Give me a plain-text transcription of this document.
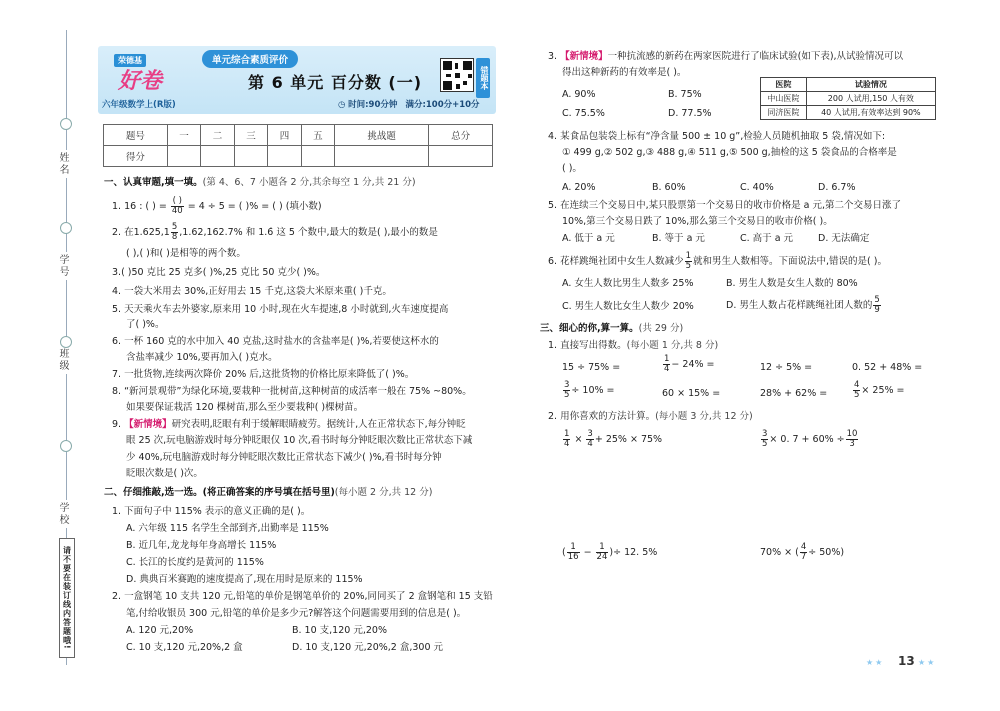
姓名
学号
班级
学校
请不要在装订线内答题哦!
荣德基
好卷
六年级数学上(R版)
单元综合素质评价
第 6 单元 百分数 (一)
◷ 时间:90分钟 满分:100分+10分
错题本
题号	一	二	三	四	五	挑战题	总分
得分							
一、认真审题,填一填。(第 4、6、7 小题各 2 分,其余每空 1 分,共 21 分)
1. 16 : ( ) = $\frac{( )}{40} = 4 \div 5$ = ( )% = ( ) (填小数)
2. 在$1.625,1 \frac{5}{8} ,1.62,162.7\%$ 和 1.6̇ 这 5 个数中,最大的数是( ),最小的数是
( ),( )和( )是相等的两个数。
3.( )50 克比 25 克多( )%,25 克比 50 克少( )%。
4. 一袋大米用去 30%,正好用去 15 千克,这袋大米原来重( )千克。
5. 天天乘火车去外婆家,原来用 10 小时,现在火车提速,8 小时就到,火车速度提高
了( )%。
6. 一杯 160 克的水中加入 40 克盐,这时盐水的含盐率是( )%,若要使这杯水的
含盐率减少 10%,要再加入( )克水。
7. 一批货物,连续两次降价 20% 后,这批货物的价格比原来降低了( )%。
8. “新河景观带”为绿化环境,要栽种一批树苗,这种树苗的成活率一般在 75% ~80%。
如果要保证栽活 120 棵树苗,那么至少要栽种( )棵树苗。
9. 【新情境】研究表明,眨眼有利于缓解眼睛疲劳。据统计,人在正常状态下,每分钟眨
眼 25 次,玩电脑游戏时每分钟眨眼仅 10 次,看书时每分钟眨眼次数比正常状态下减
少 40%,玩电脑游戏时每分钟眨眼次数比正常状态下减少( )%,看书时每分钟
眨眼次数是( )次。
二、仔细推敲,选一选。(将正确答案的序号填在括号里)(每小题 2 分,共 12 分)
1. 下面句子中 115% 表示的意义正确的是( )。
A. 六年级 115 名学生全部到齐,出勤率是 115%
B. 近几年,龙龙每年身高增长 115%
C. 长江的长度约是黄河的 115%
D. 典典百米赛跑的速度提高了,现在用时是原来的 115%
2. 一盒钢笔 10 支共 120 元,铅笔的单价是钢笔单价的 20%,同同买了 2 盒钢笔和 15 支铅
笔,付给收银员 300 元,铅笔的单价是多少元?解答这个问题需要用到的信息是( )。
A. 120 元,20%	B. 10 支,120 元,20%
C. 10 支,120 元,20%,2 盒	D. 10 支,120 元,20%,2 盒,300 元
3. 【新情境】一种抗流感的新药在两家医院进行了临床试验(如下表),从试验情况可以
得出这种新药的有效率是( )。
A. 90%	B. 75%
C. 75.5%	D. 77.5%
医院	试验情况
中山医院	200 人试用,150 人有效
同济医院	40 人试用,有效率达到 90%
4. 某食品包装袋上标有“净含量 500 ± 10 g”,检验人员随机抽取 5 袋,情况如下:
① 499 g,② 502 g,③ 488 g,④ 511 g,⑤ 500 g,抽检的这 5 袋食品的合格率是
( )。
A. 20%	B. 60%	C. 40%	D. 6.7%
5. 在连续三个交易日中,某只股票第一个交易日的收市价格是 a 元,第二个交易日涨了
10%,第三个交易日跌了 10%,那么第三个交易日的收市价格( )。
A. 低于 a 元	B. 等于 a 元	C. 高于 a 元	D. 无法确定
6. 花样跳绳社团中女生人数减少 $\frac{1}{5}$ 就和男生人数相等。下面说法中,错误的是( )。
A. 女生人数比男生人数多 25%	B. 男生人数是女生人数的 80%
C. 男生人数比女生人数少 20%	D. 男生人数占花样跳绳社团人数的 $\frac{5}{9}$
三、细心的你,算一算。(共 29 分)
1. 直接写出得数。(每小题 1 分,共 8 分)
15 ÷ 75% =	$\frac{1}{4} - 24\%$ =	12 ÷ 5% =	0. 52 + 48% =
$\frac{3}{5} \div 10\%$ =	60 × 15% =	28% + 62% =	$\frac{4}{5} \times 25\%$ =
2. 用你喜欢的方法计算。(每小题 3 分,共 12 分)
$\frac{1}{4} \times \frac{3}{4} + 25\% \times 75\%$	$\frac{3}{5} \times 0$. $7 + 60\% \div \frac{10}{3}$
( $\frac{1}{16} - \frac{1}{24}$ )÷ 12. 5%	70% × ( $\frac{4}{7} \div 50\%$)
★★ 13 ★★
